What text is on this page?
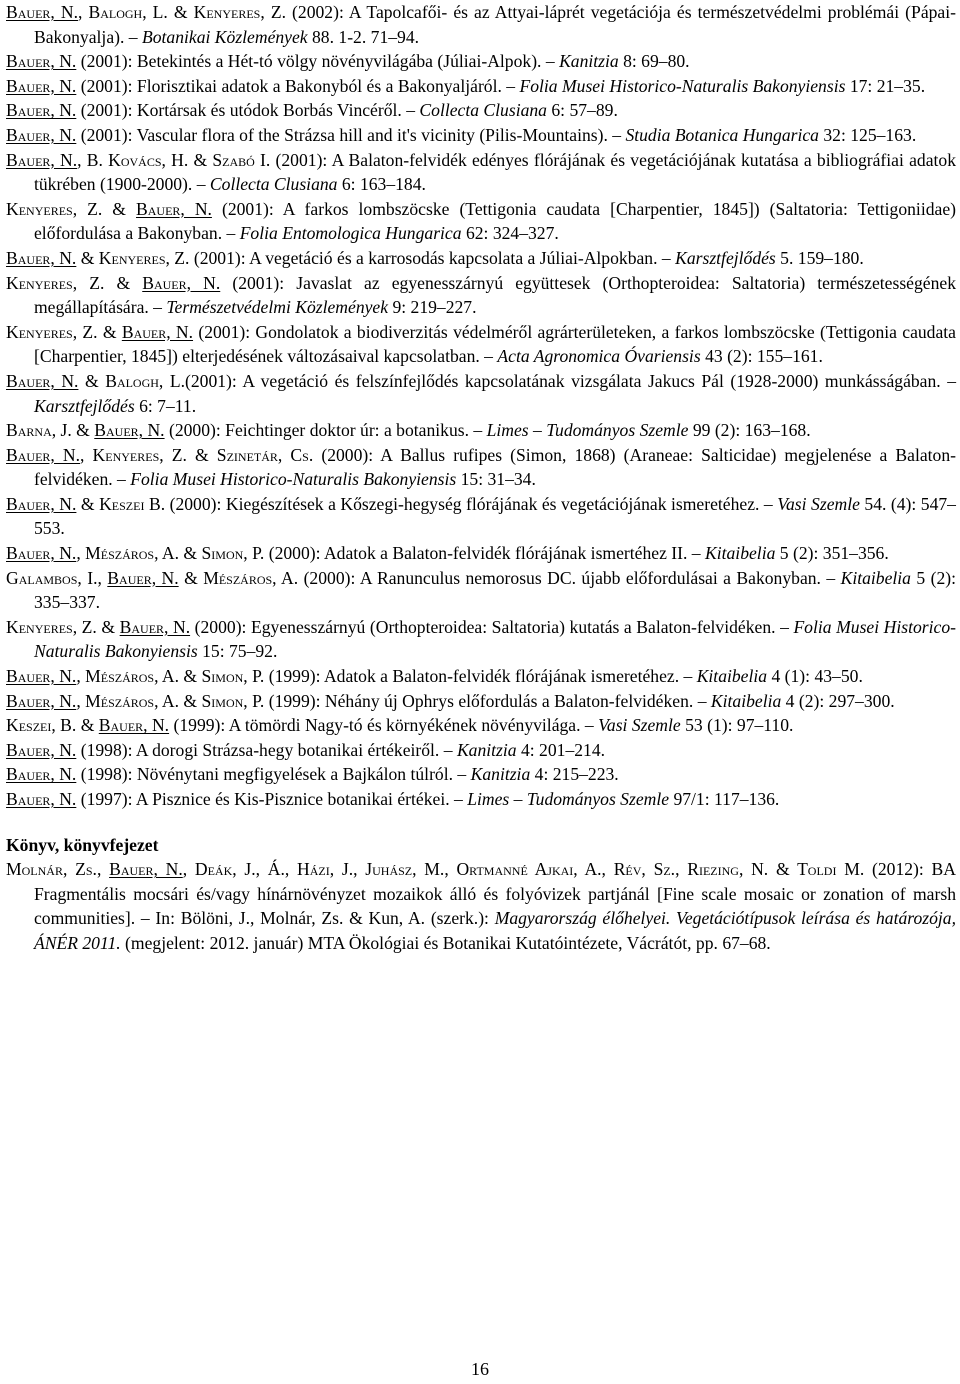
Bauer, N., Balogh, L. & Kenyeres, Z. (2002): A Tapolcafői- és az Attyai-láprét vegetációja és természetvédelmi problémái (Pápai-Bakonyalja). – Botanikai Közlemények 88. 1-2. 71–94.
Bauer, N. (2001): Betekintés a Hét-tó völgy növényvilágába (Júliai-Alpok). – Kanitzia 8: 69–80.
Bauer, N. (2001): Florisztikai adatok a Bakonyból és a Bakonyaljáról. – Folia Musei Historico-Naturalis Bakonyiensis 17: 21–35.
Bauer, N. (2001): Kortársak és utódok Borbás Vincéről. – Collecta Clusiana 6: 57–89.
Bauer, N. (2001): Vascular flora of the Strázsa hill and it's vicinity (Pilis-Mountains). – Studia Botanica Hungarica 32: 125–163.
Bauer, N., B. Kovács, H. & Szabó I. (2001): A Balaton-felvidék edényes flórájának és vegetációjának kutatása a bibliográfiai adatok tükrében (1900-2000). – Collecta Clusiana 6: 163–184.
Kenyeres, Z. & Bauer, N. (2001): A farkos lombszöcske (Tettigonia caudata [Charpentier, 1845]) (Saltatoria: Tettigoniidae) előfordulása a Bakonyban. – Folia Entomologica Hungarica 62: 324–327.
Bauer, N. & Kenyeres, Z. (2001): A vegetáció és a karrosodás kapcsolata a Júliai-Alpokban. – Karsztfejlődés 5. 159–180.
Kenyeres, Z. & Bauer, N. (2001): Javaslat az egyenesszárnyú együttesek (Orthopteroidea: Saltatoria) természetességének megállapítására. – Természetvédelmi Közlemények 9: 219–227.
Kenyeres, Z. & Bauer, N. (2001): Gondolatok a biodiverzitás védelméről agrárterületeken, a farkos lombszöcske (Tettigonia caudata [Charpentier, 1845]) elterjedésének változásaival kapcsolatban. – Acta Agronomica Óvariensis 43 (2): 155–161.
Bauer, N. & Balogh, L.(2001): A vegetáció és felszínfejlődés kapcsolatának vizsgálata Jakucs Pál (1928-2000) munkásságában. – Karsztfejlődés 6: 7–11.
Barna, J. & Bauer, N. (2000): Feichtinger doktor úr: a botanikus. – Limes – Tudományos Szemle 99 (2): 163–168.
Bauer, N., Kenyeres, Z. & Szinetár, Cs. (2000): A Ballus rufipes (Simon, 1868) (Araneae: Salticidae) megjelenése a Balaton-felvidéken. – Folia Musei Historico-Naturalis Bakonyiensis 15: 31–34.
Bauer, N. & Keszei B. (2000): Kiegészítések a Kőszegi-hegység flórájának és vegetációjának ismeretéhez. – Vasi Szemle 54. (4): 547–553.
Bauer, N., Mészáros, A. & Simon, P. (2000): Adatok a Balaton-felvidék flórájának ismertéhez II. – Kitaibelia 5 (2): 351–356.
Galambos, I., Bauer, N. & Mészáros, A. (2000): A Ranunculus nemorosus DC. újabb előfordulásai a Bakonyban. – Kitaibelia 5 (2): 335–337.
Kenyeres, Z. & Bauer, N. (2000): Egyenesszárnyú (Orthopteroidea: Saltatoria) kutatás a Balaton-felvidéken. – Folia Musei Historico-Naturalis Bakonyiensis 15: 75–92.
Bauer, N., Mészáros, A. & Simon, P. (1999): Adatok a Balaton-felvidék flórájának ismeretéhez. – Kitaibelia 4 (1): 43–50.
Bauer, N., Mészáros, A. & Simon, P. (1999): Néhány új Ophrys előfordulás a Balaton-felvidéken. – Kitaibelia 4 (2): 297–300.
Keszei, B. & Bauer, N. (1999): A tömördi Nagy-tó és környékének növényvilága. – Vasi Szemle 53 (1): 97–110.
Bauer, N. (1998): A dorogi Strázsa-hegy botanikai értékeiről. – Kanitzia 4: 201–214.
Bauer, N. (1998): Növénytani megfigyelések a Bajkálon túlról. – Kanitzia 4: 215–223.
Bauer, N. (1997): A Pisznice és Kis-Pisznice botanikai értékei. – Limes – Tudományos Szemle 97/1: 117–136.
Könyv, könyvfejezet
Molnár, Zs., Bauer, N., Deák, J., Á., Házi, J., Juhász, M., Ortmanné Ajkai, A., Rév, Sz., Riezing, N. & Toldi M. (2012): BA Fragmentális mocsári és/vagy hínárnövényzet mozaikok álló és folyóvizek partjánál [Fine scale mosaic or zonation of marsh communities]. – In: Bölöni, J., Molnár, Zs. & Kun, A. (szerk.): Magyarország élőhelyei. Vegetációtípusok leírása és határozója, ÁNÉR 2011. (megjelent: 2012. január) MTA Ökológiai és Botanikai Kutatóintézete, Vácrátót, pp. 67–68.
16
